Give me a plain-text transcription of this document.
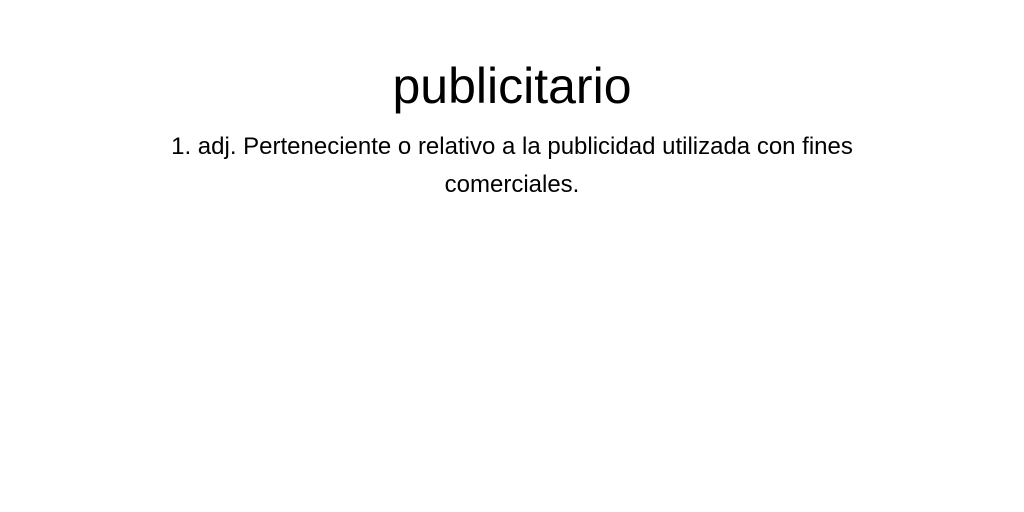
publicitario

1. adj. Perteneciente o relativo a la publicidad utilizada con fines comerciales.
